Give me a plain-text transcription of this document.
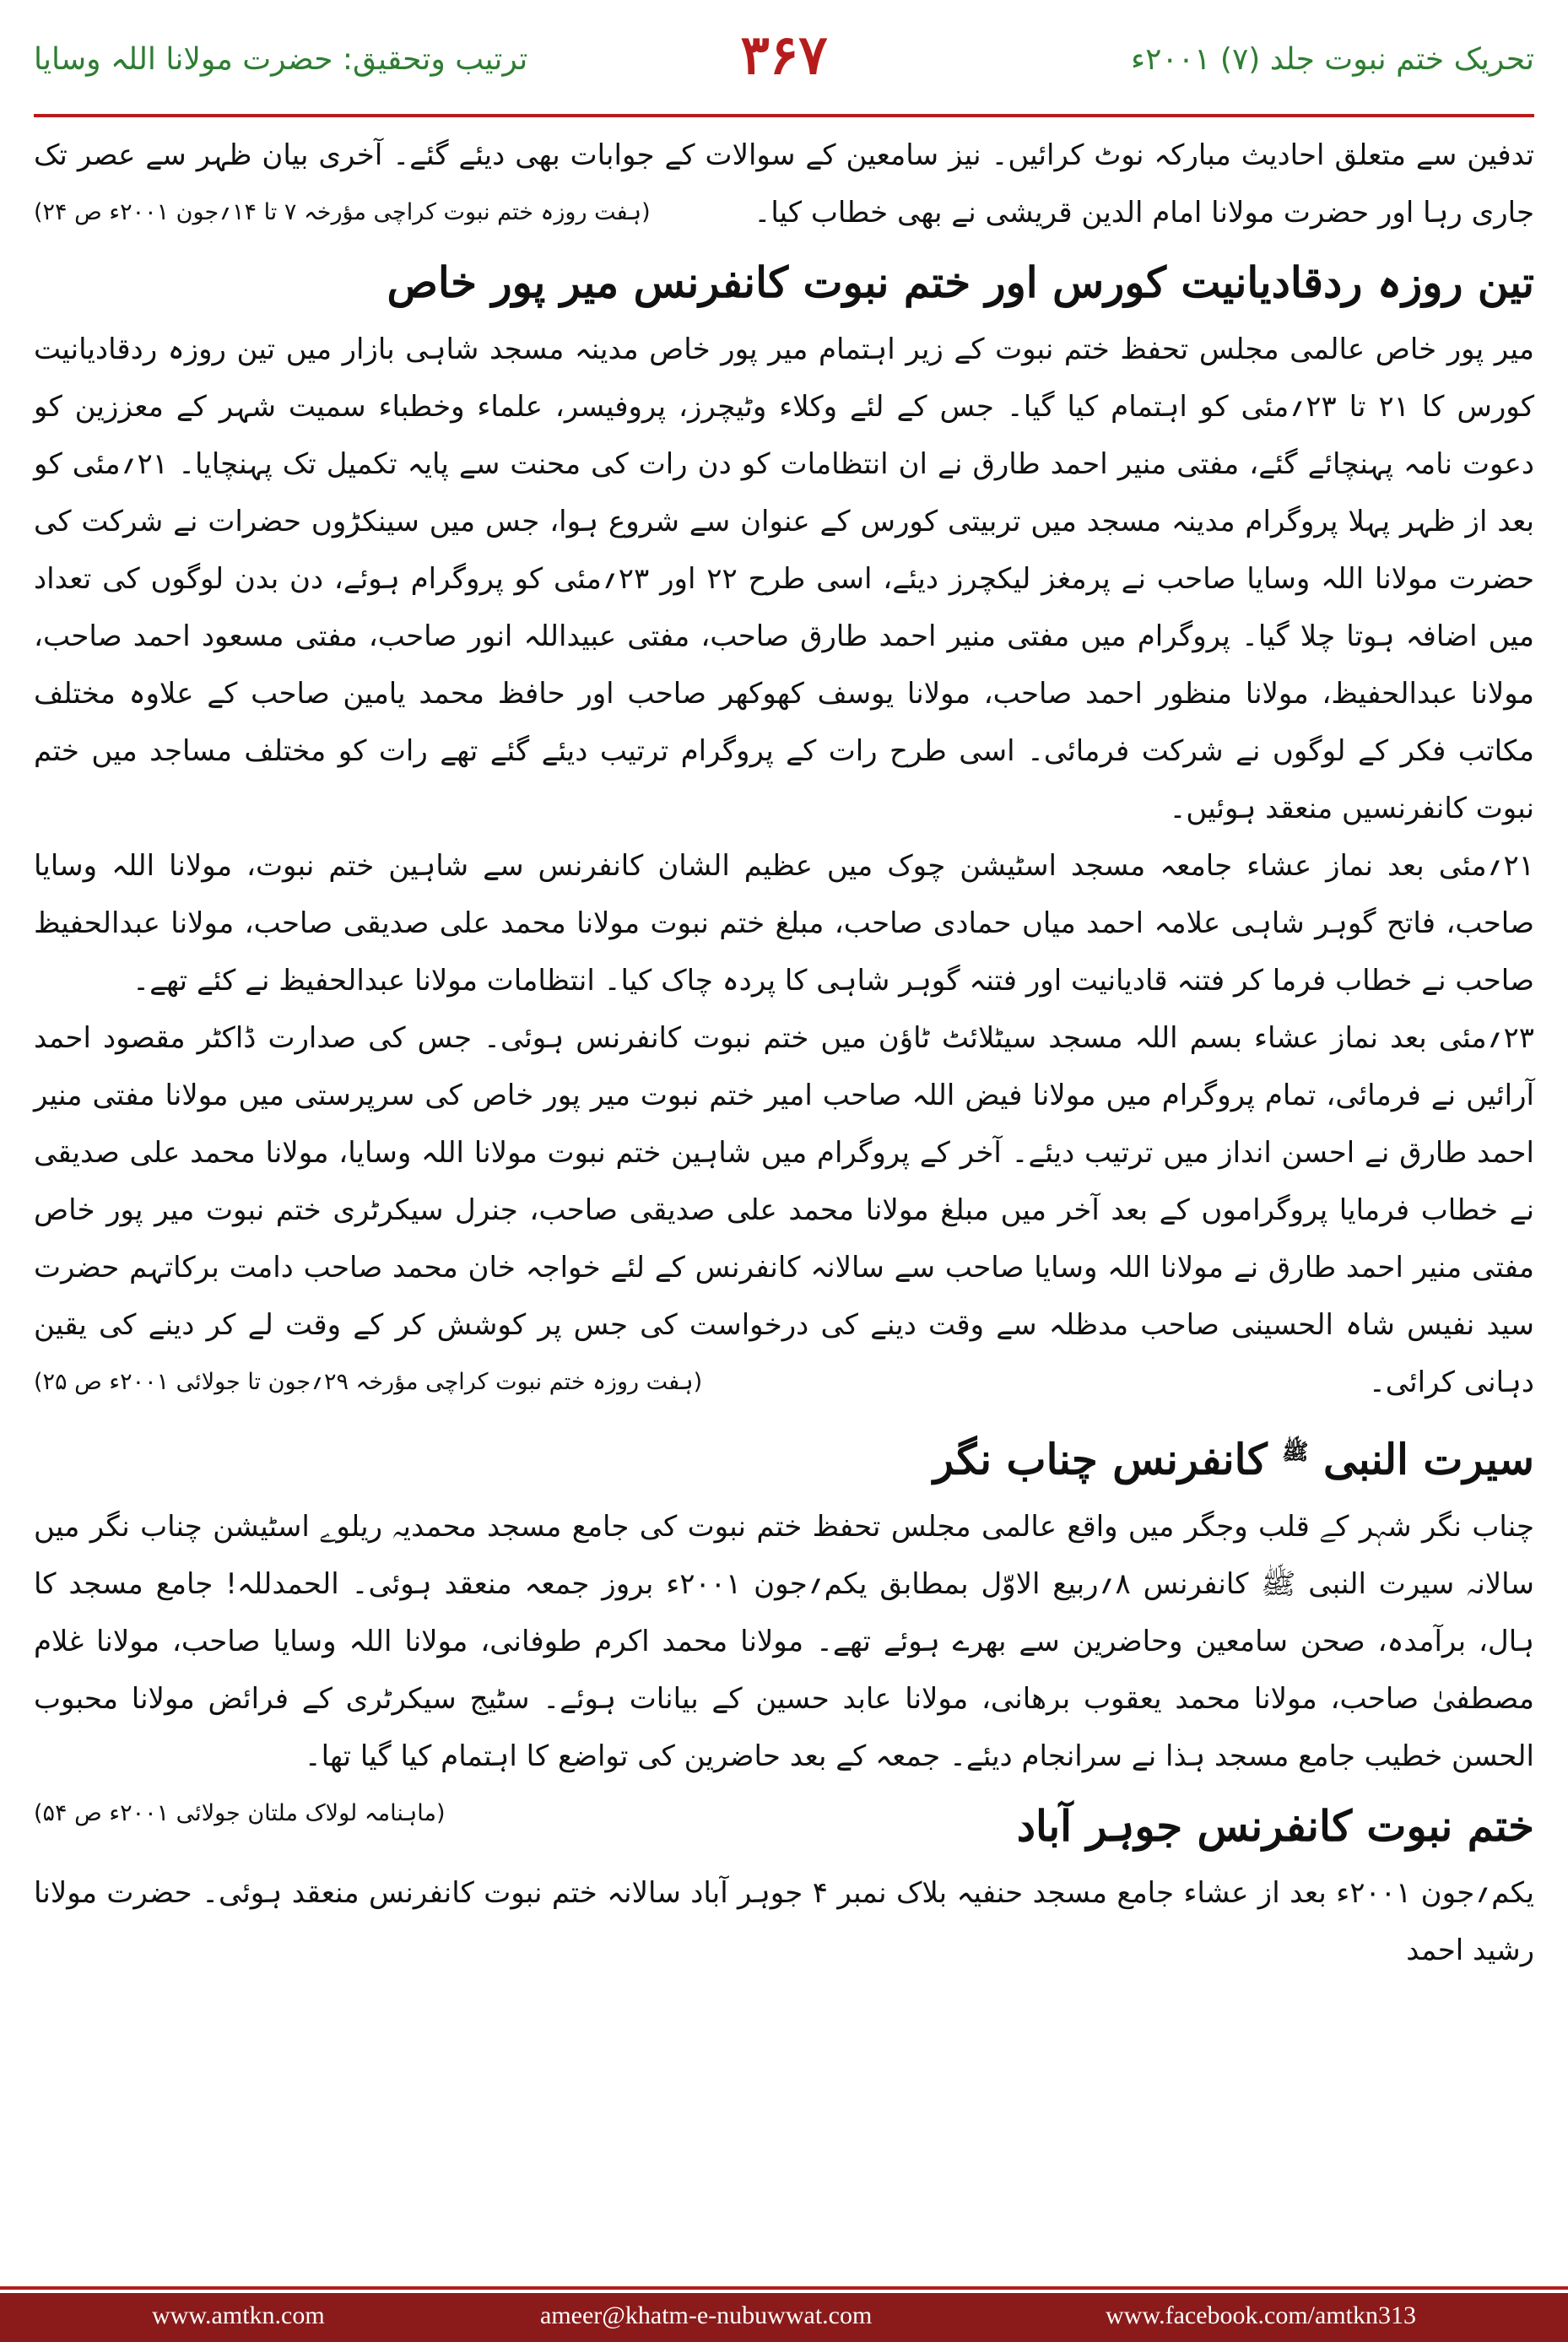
تحریک ختم نبوت جلد (۷) ۲۰۰۱ء
۳۶۷
ترتیب وتحقیق: حضرت مولانا اللہ وسایا

تدفین سے متعلق احادیث مبارکہ نوٹ کرائیں۔ نیز سامعین کے سوالات کے جوابات بھی دیئے گئے۔ آخری بیان ظہر سے عصر تک جاری رہا اور حضرت مولانا امام الدین قریشی نے بھی خطاب کیا۔
(ہفت روزہ ختم نبوت کراچی مؤرخہ ۷ تا ۱۴؍جون ۲۰۰۱ء ص ۲۴)

تین روزہ ردقادیانیت کورس اور ختم نبوت کانفرنس میر پور خاص

میر پور خاص عالمی مجلس تحفظ ختم نبوت کے زیر اہتمام میر پور خاص مدینہ مسجد شاہی بازار میں تین روزہ ردقادیانیت کورس کا ۲۱ تا ۲۳؍مئی کو اہتمام کیا گیا۔ جس کے لئے وکلاء وٹیچرز، پروفیسر، علماء وخطباء سمیت شہر کے معززین کو دعوت نامہ پہنچائے گئے، مفتی منیر احمد طارق نے ان انتظامات کو دن رات کی محنت سے پایہ تکمیل تک پہنچایا۔ ۲۱؍مئی کو بعد از ظہر پہلا پروگرام مدینہ مسجد میں تربیتی کورس کے عنوان سے شروع ہوا، جس میں سینکڑوں حضرات نے شرکت کی حضرت مولانا اللہ وسایا صاحب نے پرمغز لیکچرز دیئے، اسی طرح ۲۲ اور ۲۳؍مئی کو پروگرام ہوئے، دن بدن لوگوں کی تعداد میں اضافہ ہوتا چلا گیا۔ پروگرام میں مفتی منیر احمد طارق صاحب، مفتی عبیداللہ انور صاحب، مفتی مسعود احمد صاحب، مولانا عبدالحفیظ، مولانا منظور احمد صاحب، مولانا یوسف کھوکھر صاحب اور حافظ محمد یامین صاحب کے علاوہ مختلف مکاتب فکر کے لوگوں نے شرکت فرمائی۔ اسی طرح رات کے پروگرام ترتیب دیئے گئے تھے رات کو مختلف مساجد میں ختم نبوت کانفرنسیں منعقد ہوئیں۔

۲۱؍مئی بعد نماز عشاء جامعہ مسجد اسٹیشن چوک میں عظیم الشان کانفرنس سے شاہین ختم نبوت، مولانا اللہ وسایا صاحب، فاتح گوہر شاہی علامہ احمد میاں حمادی صاحب، مبلغ ختم نبوت مولانا محمد علی صدیقی صاحب، مولانا عبدالحفیظ صاحب نے خطاب فرما کر فتنہ قادیانیت اور فتنہ گوہر شاہی کا پردہ چاک کیا۔ انتظامات مولانا عبدالحفیظ نے کئے تھے۔

۲۳؍مئی بعد نماز عشاء بسم اللہ مسجد سیٹلائٹ ٹاؤن میں ختم نبوت کانفرنس ہوئی۔ جس کی صدارت ڈاکٹر مقصود احمد آرائیں نے فرمائی، تمام پروگرام میں مولانا فیض اللہ صاحب امیر ختم نبوت میر پور خاص کی سرپرستی میں مولانا مفتی منیر احمد طارق نے احسن انداز میں ترتیب دیئے۔ آخر کے پروگرام میں شاہین ختم نبوت مولانا اللہ وسایا، مولانا محمد علی صدیقی نے خطاب فرمایا پروگراموں کے بعد آخر میں مبلغ مولانا محمد علی صدیقی صاحب، جنرل سیکرٹری ختم نبوت میر پور خاص مفتی منیر احمد طارق نے مولانا اللہ وسایا صاحب سے سالانہ کانفرنس کے لئے خواجہ خان محمد صاحب دامت برکاتہم حضرت سید نفیس شاہ الحسینی صاحب مدظلہ سے وقت دینے کی درخواست کی جس پر کوشش کر کے وقت لے کر دینے کی یقین دہانی کرائی۔
(ہفت روزہ ختم نبوت کراچی مؤرخہ ۲۹؍جون تا جولائی ۲۰۰۱ء ص ۲۵)

سیرت النبی $^ﷺ$ کانفرنس چناب نگر

چناب نگر شہر کے قلب وجگر میں واقع عالمی مجلس تحفظ ختم نبوت کی جامع مسجد محمدیہ ریلوے اسٹیشن چناب نگر میں سالانہ سیرت النبی ﷺ کانفرنس ۸؍ربیع الاوّل بمطابق یکم؍جون ۲۰۰۱ء بروز جمعہ منعقد ہوئی۔ الحمدللہ! جامع مسجد کا ہال، برآمدہ، صحن سامعین وحاضرین سے بھرے ہوئے تھے۔ مولانا محمد اکرم طوفانی، مولانا اللہ وسایا صاحب، مولانا غلام مصطفیٰ صاحب، مولانا محمد یعقوب برھانی، مولانا عابد حسین کے بیانات ہوئے۔ سٹیج سیکرٹری کے فرائض مولانا محبوب الحسن خطیب جامع مسجد ہذا نے سرانجام دیئے۔ جمعہ کے بعد حاضرین کی تواضع کا اہتمام کیا گیا تھا۔
(ماہنامہ لولاک ملتان جولائی ۲۰۰۱ء ص ۵۴)	ختم نبوت کانفرنس جوہر آباد

یکم؍جون ۲۰۰۱ء بعد از عشاء جامع مسجد حنفیہ بلاک نمبر ۴ جوہر آباد سالانہ ختم نبوت کانفرنس منعقد ہوئی۔ حضرت مولانا رشید احمد

www.amtkn.com	ameer@khatm-e-nubuwwat.com	www.facebook.com/amtkn313
